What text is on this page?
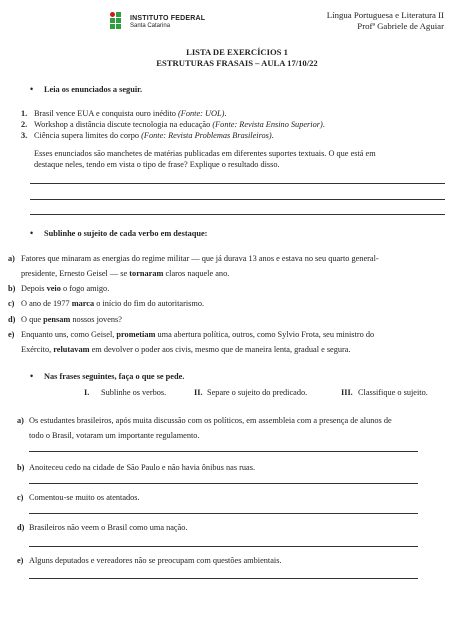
INSTITUTO FEDERAL
Santa Catarina
Língua Portuguesa e Literatura II
Profª Gabriele de Aguiar
LISTA DE EXERCÍCIOS 1
ESTRUTURAS FRASAIS – AULA 17/10/22
• Leia os enunciados a seguir.
1. Brasil vence EUA e conquista ouro inédito (Fonte: UOL).
2. Workshop a distância discute tecnologia na educação (Fonte: Revista Ensino Superior).
3. Ciência supera limites do corpo (Fonte: Revista Problemas Brasileiros).
Esses enunciados são manchetes de matérias publicadas em diferentes suportes textuais. O que está em
destaque neles, tendo em vista o tipo de frase? Explique o resultado disso.
• Sublinhe o sujeito de cada verbo em destaque:
a) Fatores que minaram as energias do regime militar — que já durava 13 anos e estava no seu quarto general-
presidente, Ernesto Geisel — se tornaram claros naquele ano.
b) Depois veio o fogo amigo.
c) O ano de 1977 marca o início do fim do autoritarismo.
d) O que pensam nossos jovens?
e) Enquanto uns, como Geisel, prometiam uma abertura política, outros, como Sylvio Frota, seu ministro do
Exército, relutavam em devolver o poder aos civis, mesmo que de maneira lenta, gradual e segura.
• Nas frases seguintes, faça o que se pede.
I. Sublinhe os verbos.	II. Separe o sujeito do predicado.	III. Classifique o sujeito.
a) Os estudantes brasileiros, após muita discussão com os políticos, em assembleia com a presença de alunos de
todo o Brasil, votaram um importante regulamento.
b) Anoiteceu cedo na cidade de São Paulo e não havia ônibus nas ruas.
c) Comentou-se muito os atentados.
d) Brasileiros não veem o Brasil como uma nação.
e) Alguns deputados e vereadores não se preocupam com questões ambientais.
